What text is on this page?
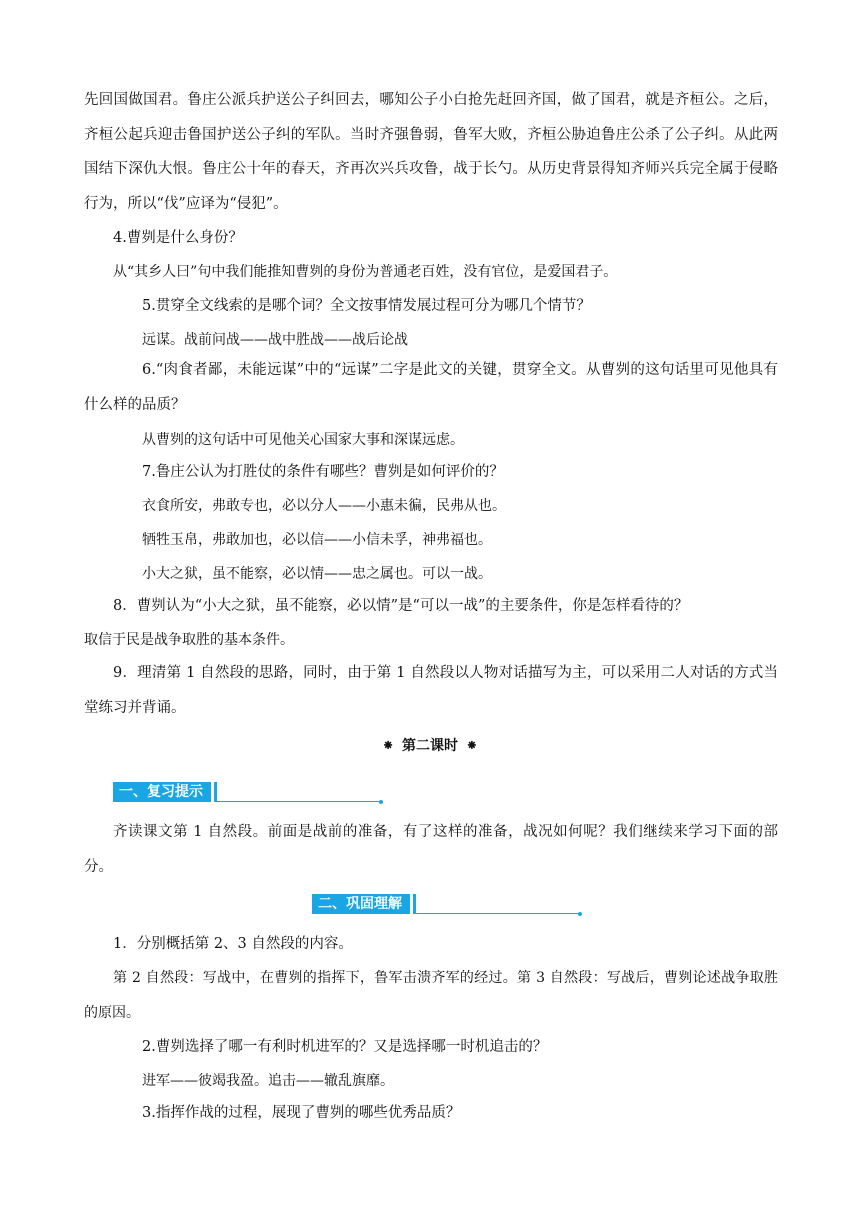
先回国做国君。鲁庄公派兵护送公子纠回去，哪知公子小白抢先赶回齐国，做了国君，就是齐桓公。之后，齐桓公起兵迎击鲁国护送公子纠的军队。当时齐强鲁弱，鲁军大败，齐桓公胁迫鲁庄公杀了公子纠。从此两国结下深仇大恨。鲁庄公十年的春天，齐再次兴兵攻鲁，战于长勺。从历史背景得知齐师兴兵完全属于侵略行为，所以“伐”应译为“侵犯”。

4.曹刿是什么身份？

从“其乡人曰”句中我们能推知曹刿的身份为普通老百姓，没有官位，是爱国君子。

5.贯穿全文线索的是哪个词？全文按事情发展过程可分为哪几个情节？

远谋。战前问战——战中胜战——战后论战

6.“肉食者鄙，未能远谋”中的“远谋”二字是此文的关键，贯穿全文。从曹刿的这句话里可见他具有什么样的品质？

从曹刿的这句话中可见他关心国家大事和深谋远虑。

7.鲁庄公认为打胜仗的条件有哪些？曹刿是如何评价的？

衣食所安，弗敢专也，必以分人——小惠未徧，民弗从也。

牺牲玉帛，弗敢加也，必以信——小信未孚，神弗福也。

小大之狱，虽不能察，必以情——忠之属也。可以一战。

8．曹刿认为“小大之狱，虽不能察，必以情”是“可以一战”的主要条件，你是怎样看待的？

取信于民是战争取胜的基本条件。

9．理清第 1 自然段的思路，同时，由于第 1 自然段以人物对话描写为主，可以采用二人对话的方式当堂练习并背诵。

⁕ 第二课时 ⁕
一、复习提示

齐读课文第 1 自然段。前面是战前的准备，有了这样的准备，战况如何呢？我们继续来学习下面的部分。

二、巩固理解

1．分别概括第 2、3 自然段的内容。

第 2 自然段：写战中，在曹刿的指挥下，鲁军击溃齐军的经过。第 3 自然段：写战后，曹刿论述战争取胜的原因。

2.曹刿选择了哪一有利时机进军的？又是选择哪一时机追击的？

进军——彼竭我盈。追击——辙乱旗靡。

3.指挥作战的过程，展现了曹刿的哪些优秀品质？
